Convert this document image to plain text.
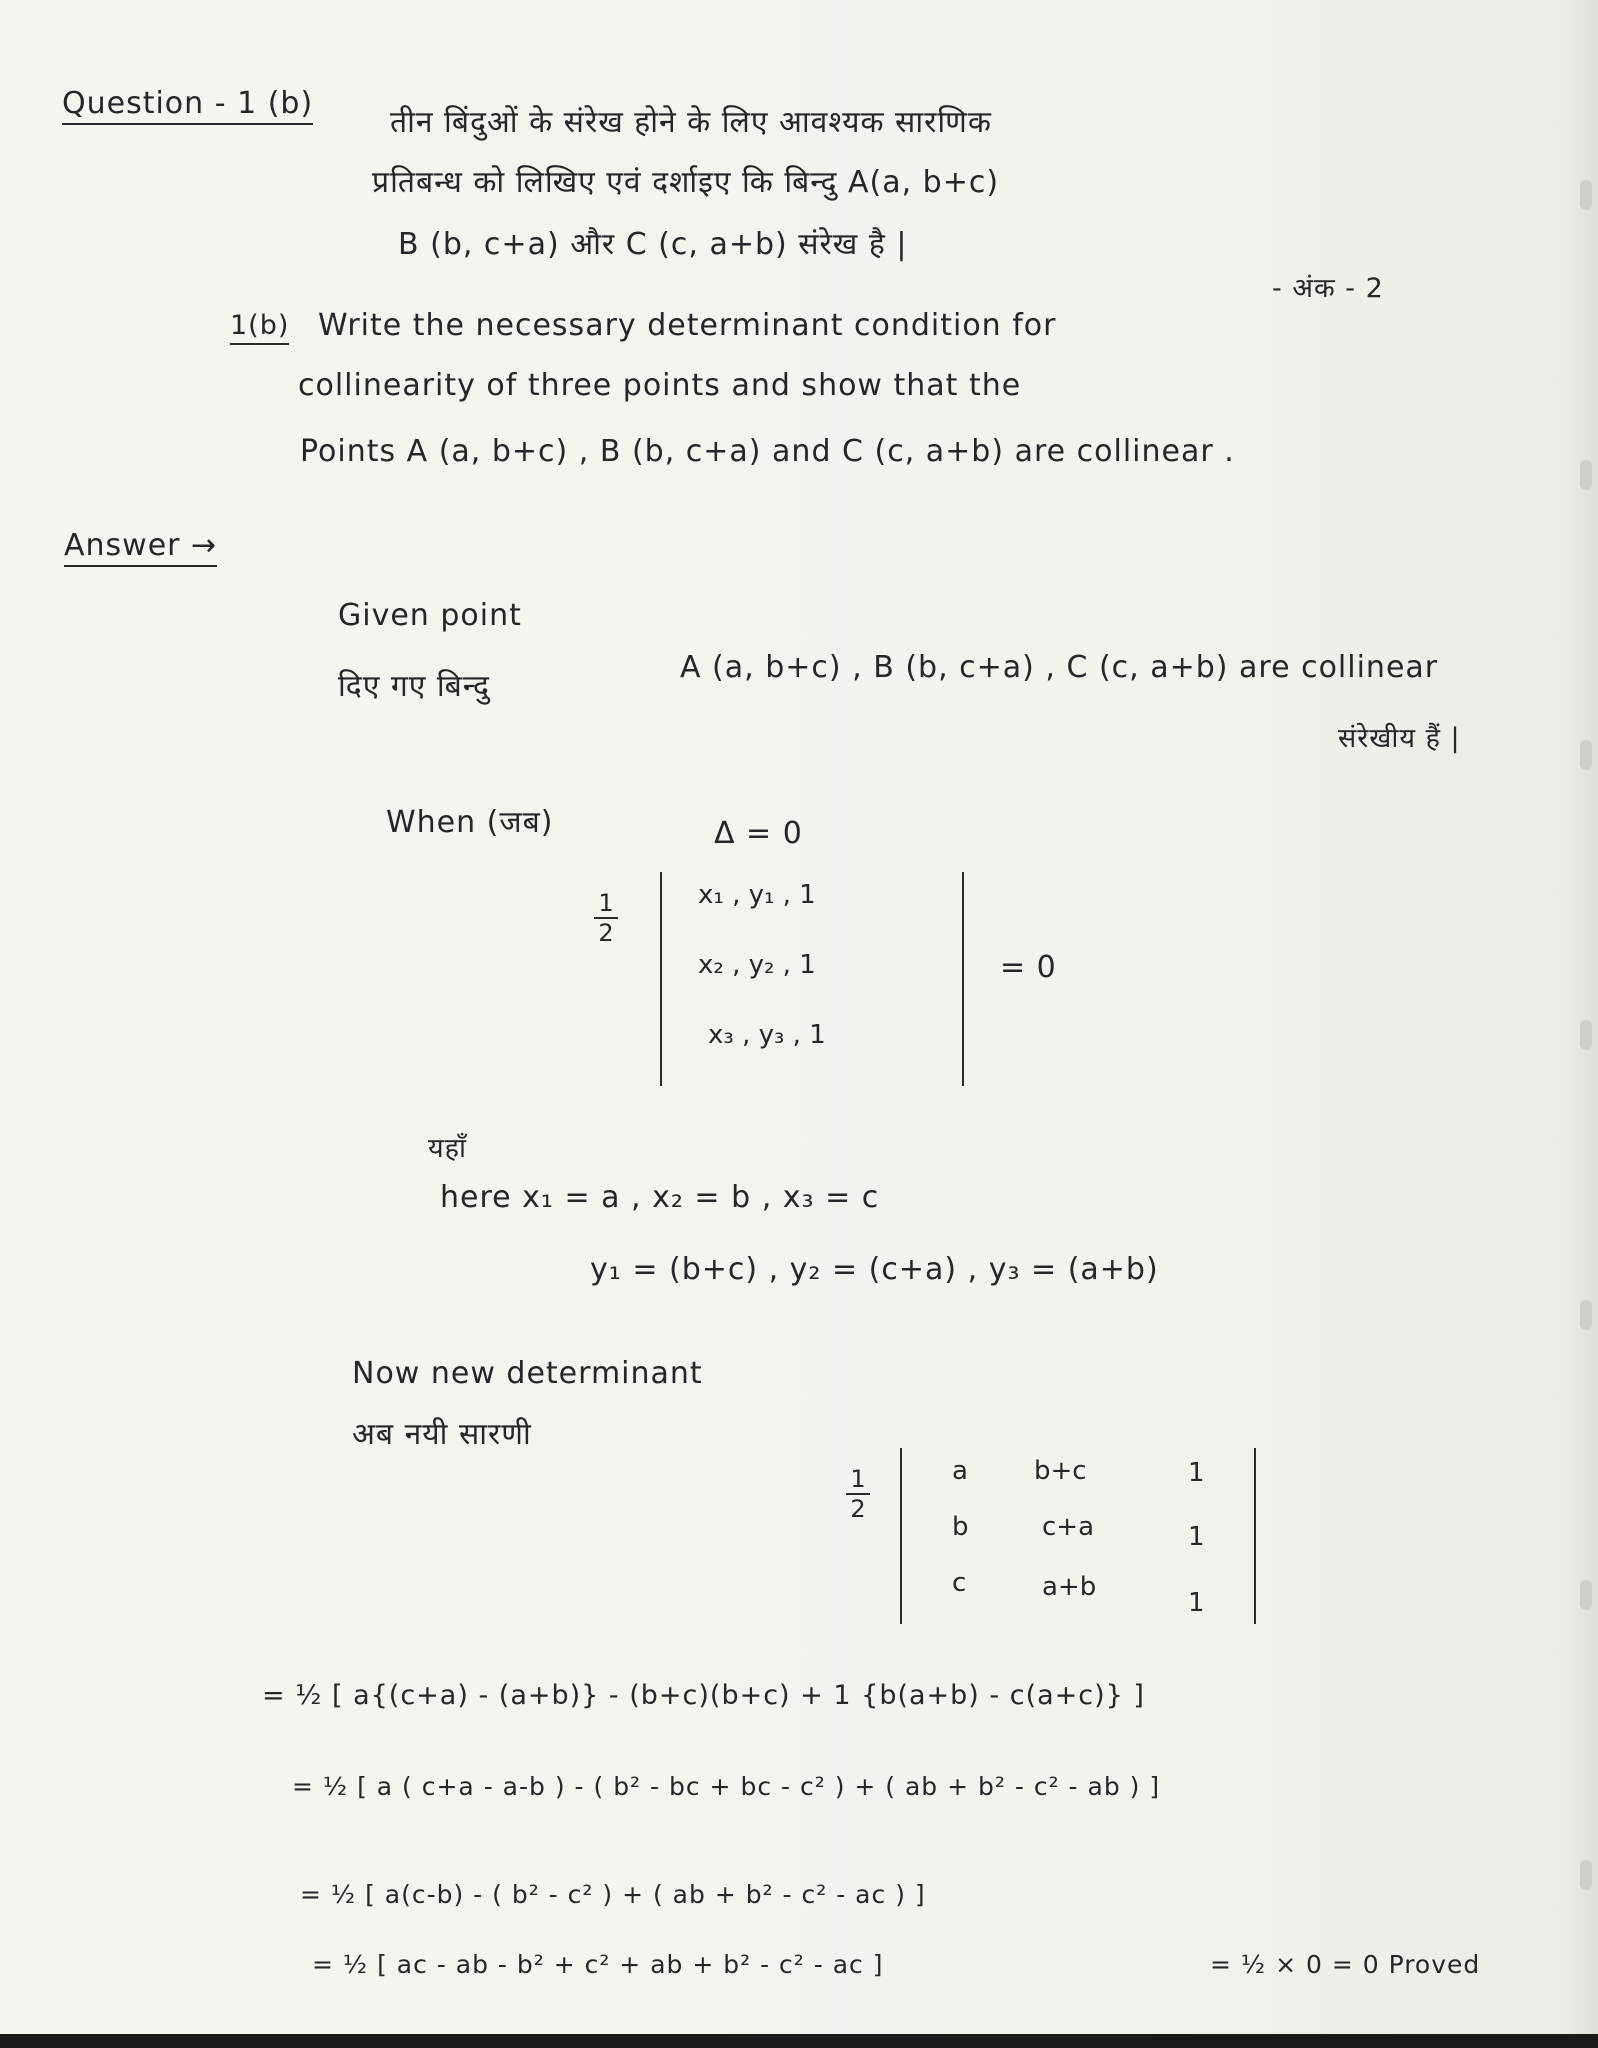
Question - 1 (b)
तीन बिंदुओं के संरेख होने के लिए आवश्यक सारणिक
प्रतिबन्ध को लिखिए एवं दर्शाइए कि बिन्दु A(a, b+c)
B (b, c+a) और C (c, a+b) संरेख है |
- अंक - 2
1(b) Write the necessary determinant condition for
collinearity of three points and show that the
Points A (a, b+c) , B (b, c+a) and C (c, a+b) are collinear .
Answer →
Given point
दिए गए बिन्दु
A (a, b+c) , B (b, c+a) , C (c, a+b) are collinear
संरेखीय हैं |
When (जब)	Δ = 0
1
2
x₁ , y₁ , 1
x₂ , y₂ , 1
x₃ , y₃ , 1
= 0
यहाँ
here x₁ = a , x₂ = b , x₃ = c
y₁ = (b+c) , y₂ = (c+a) , y₃ = (a+b)
Now new determinant
अब नयी सारणी
1
2
a
b
c
b+c
c+a
a+b
1
1
1
= ½ [ a{(c+a) - (a+b)} - (b+c)(b+c) + 1 {b(a+b) - c(a+c)} ]
= ½ [ a ( c+a - a-b ) - ( b² - bc + bc - c² ) + ( ab + b² - c² - ab ) ]
= ½ [ a(c-b) - ( b² - c² ) + ( ab + b² - c² - ac ) ]
= ½ [ ac - ab - b² + c² + ab + b² - c² - ac ]	= ½ × 0 = 0 Proved
